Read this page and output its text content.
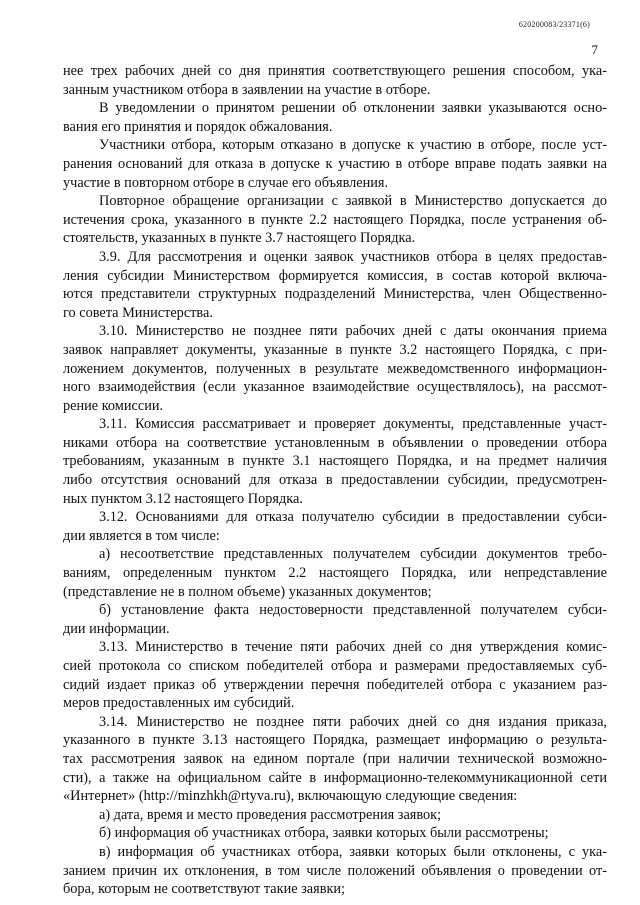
620200083/23371(6)
7
нее трех рабочих дней со дня принятия соответствующего решения способом, ука-
занным участником отбора в заявлении на участие в отборе.
В уведомлении о принятом решении об отклонении заявки указываются осно-
вания его принятия и порядок обжалования.
Участники отбора, которым отказано в допуске к участию в отборе, после уст-
ранения оснований для отказа в допуске к участию в отборе вправе подать заявки на
участие в повторном отборе в случае его объявления.
Повторное обращение организации с заявкой в Министерство допускается до
истечения срока, указанного в пункте 2.2 настоящего Порядка, после устранения об-
стоятельств, указанных в пункте 3.7 настоящего Порядка.
3.9. Для рассмотрения и оценки заявок участников отбора в целях предостав-
ления субсидии Министерством формируется комиссия, в состав которой включа-
ются представители структурных подразделений Министерства, член Общественно-
го совета Министерства.
3.10. Министерство не позднее пяти рабочих дней с даты окончания приема
заявок направляет документы, указанные в пункте 3.2 настоящего Порядка, с при-
ложением документов, полученных в результате межведомственного информацион-
ного взаимодействия (если указанное взаимодействие осуществлялось), на рассмот-
рение комиссии.
3.11. Комиссия рассматривает и проверяет документы, представленные участ-
никами отбора на соответствие установленным в объявлении о проведении отбора
требованиям, указанным в пункте 3.1 настоящего Порядка, и на предмет наличия
либо отсутствия оснований для отказа в предоставлении субсидии, предусмотрен-
ных пунктом 3.12 настоящего Порядка.
3.12. Основаниями для отказа получателю субсидии в предоставлении субси-
дии является в том числе:
а) несоответствие представленных получателем субсидии документов требо-
ваниям, определенным пунктом 2.2 настоящего Порядка, или непредставление
(представление не в полном объеме) указанных документов;
б) установление факта недостоверности представленной получателем субси-
дии информации.
3.13. Министерство в течение пяти рабочих дней со дня утверждения комис-
сией протокола со списком победителей отбора и размерами предоставляемых суб-
сидий издает приказ об утверждении перечня победителей отбора с указанием раз-
меров предоставленных им субсидий.
3.14. Министерство не позднее пяти рабочих дней со дня издания приказа,
указанного в пункте 3.13 настоящего Порядка, размещает информацию о результа-
тах рассмотрения заявок на едином портале (при наличии технической возможно-
сти), а также на официальном сайте в информационно-телекоммуникационной сети
«Интернет» (http://minzhkh@rtyva.ru), включающую следующие сведения:
а) дата, время и место проведения рассмотрения заявок;
б) информация об участниках отбора, заявки которых были рассмотрены;
в) информация об участниках отбора, заявки которых были отклонены, с ука-
занием причин их отклонения, в том числе положений объявления о проведении от-
бора, которым не соответствуют такие заявки;
